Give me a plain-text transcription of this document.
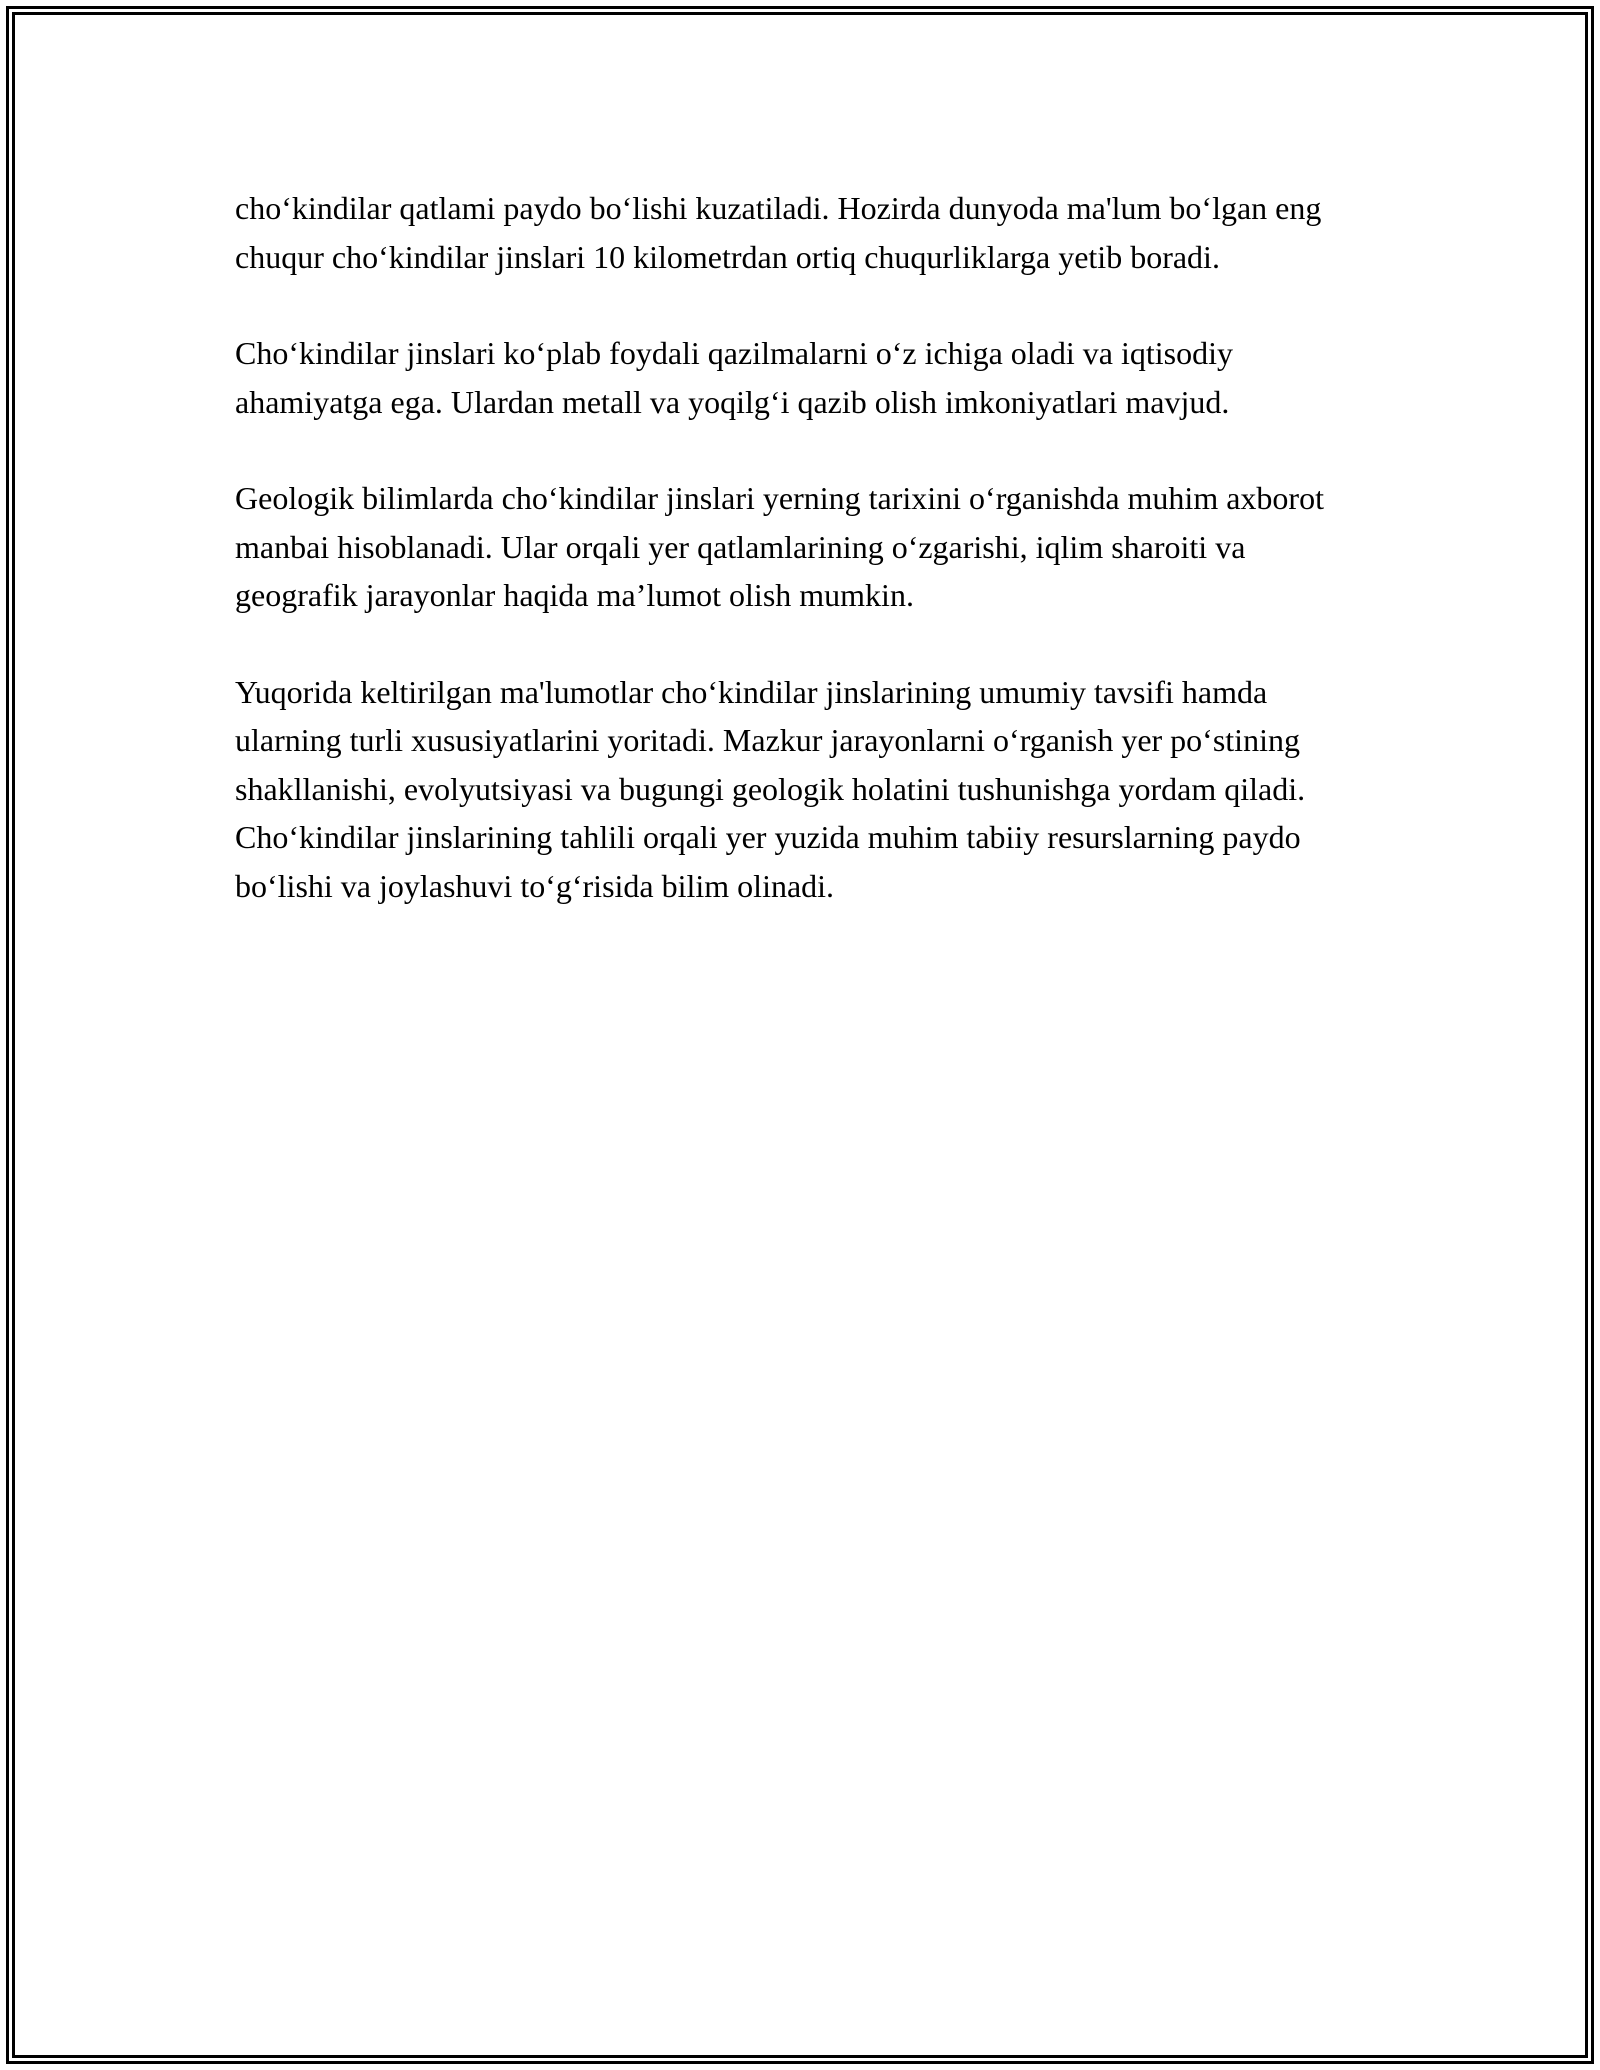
cho‘kindilar qatlami paydo bo‘lishi kuzatiladi. Hozirda dunyoda ma'lum bo‘lgan eng chuqur cho‘kindilar jinslari 10 kilometrdan ortiq chuqurliklarga yetib boradi.

Cho‘kindilar jinslari ko‘plab foydali qazilmalarni o‘z ichiga oladi va iqtisodiy ahamiyatga ega. Ulardan metall va yoqilg‘i qazib olish imkoniyatlari mavjud.

Geologik bilimlarda cho‘kindilar jinslari yerning tarixini o‘rganishda muhim axborot manbai hisoblanadi. Ular orqali yer qatlamlarining o‘zgarishi, iqlim sharoiti va geografik jarayonlar haqida ma’lumot olish mumkin.

Yuqorida keltirilgan ma'lumotlar cho‘kindilar jinslarining umumiy tavsifi hamda ularning turli xususiyatlarini yoritadi. Mazkur jarayonlarni o‘rganish yer po‘stining shakllanishi, evolyutsiyasi va bugungi geologik holatini tushunishga yordam qiladi. Cho‘kindilar jinslarining tahlili orqali yer yuzida muhim tabiiy resurslarning paydo bo‘lishi va joylashuvi to‘g‘risida bilim olinadi.
